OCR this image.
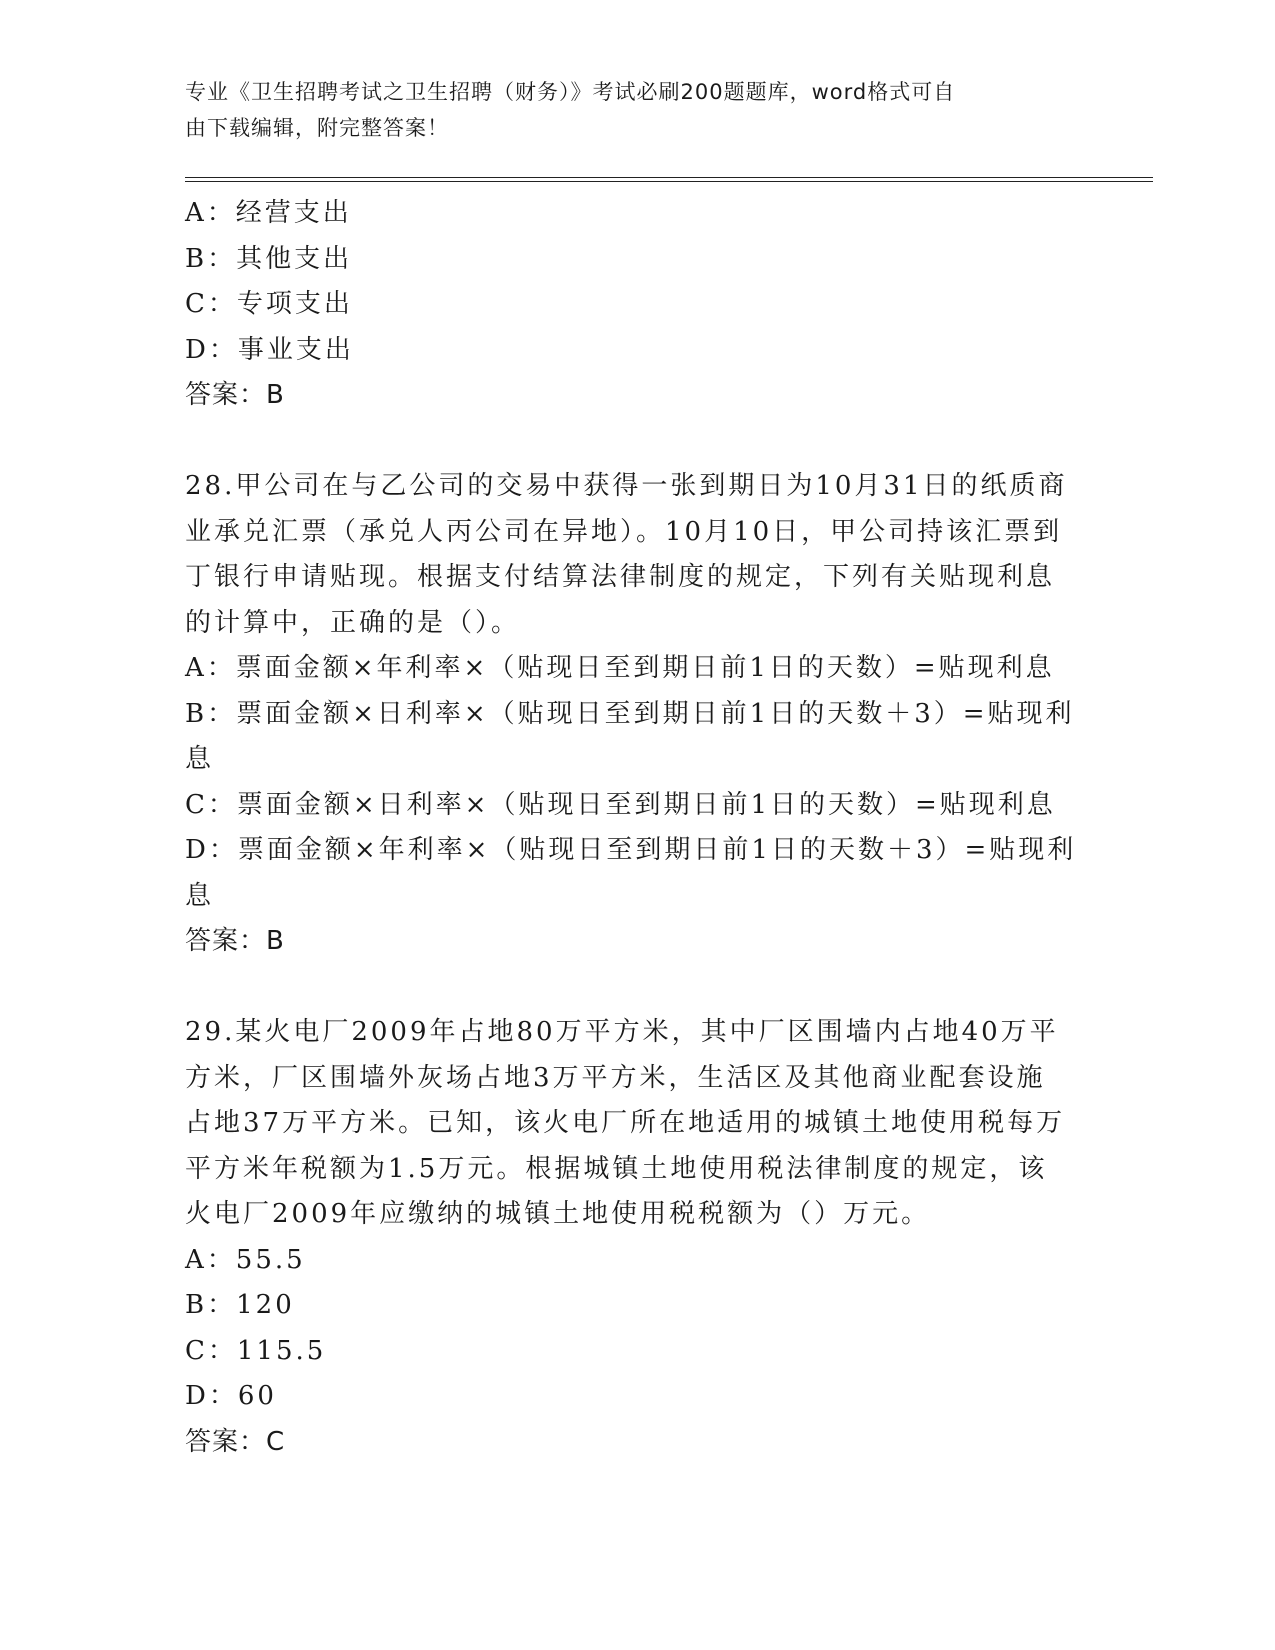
专业《卫生招聘考试之卫生招聘（财务）》考试必刷200题题库，word格式可自
由下载编辑，附完整答案！
A：经营支出
B：其他支出
C：专项支出
D：事业支出
答案：B
28.甲公司在与乙公司的交易中获得一张到期日为10月31日的纸质商
业承兑汇票（承兑人丙公司在异地）。10月10日，甲公司持该汇票到
丁银行申请贴现。根据支付结算法律制度的规定，下列有关贴现利息
的计算中，正确的是（）。
A：票面金额×年利率×（贴现日至到期日前1日的天数）=贴现利息
B：票面金额×日利率×（贴现日至到期日前1日的天数＋3）=贴现利
息
C：票面金额×日利率×（贴现日至到期日前1日的天数）=贴现利息
D：票面金额×年利率×（贴现日至到期日前1日的天数＋3）=贴现利
息
答案：B
29.某火电厂2009年占地80万平方米，其中厂区围墙内占地40万平
方米，厂区围墙外灰场占地3万平方米，生活区及其他商业配套设施
占地37万平方米。已知，该火电厂所在地适用的城镇土地使用税每万
平方米年税额为1.5万元。根据城镇土地使用税法律制度的规定，该
火电厂2009年应缴纳的城镇土地使用税税额为（）万元。
A：55.5
B：120
C：115.5
D：60
答案：C
